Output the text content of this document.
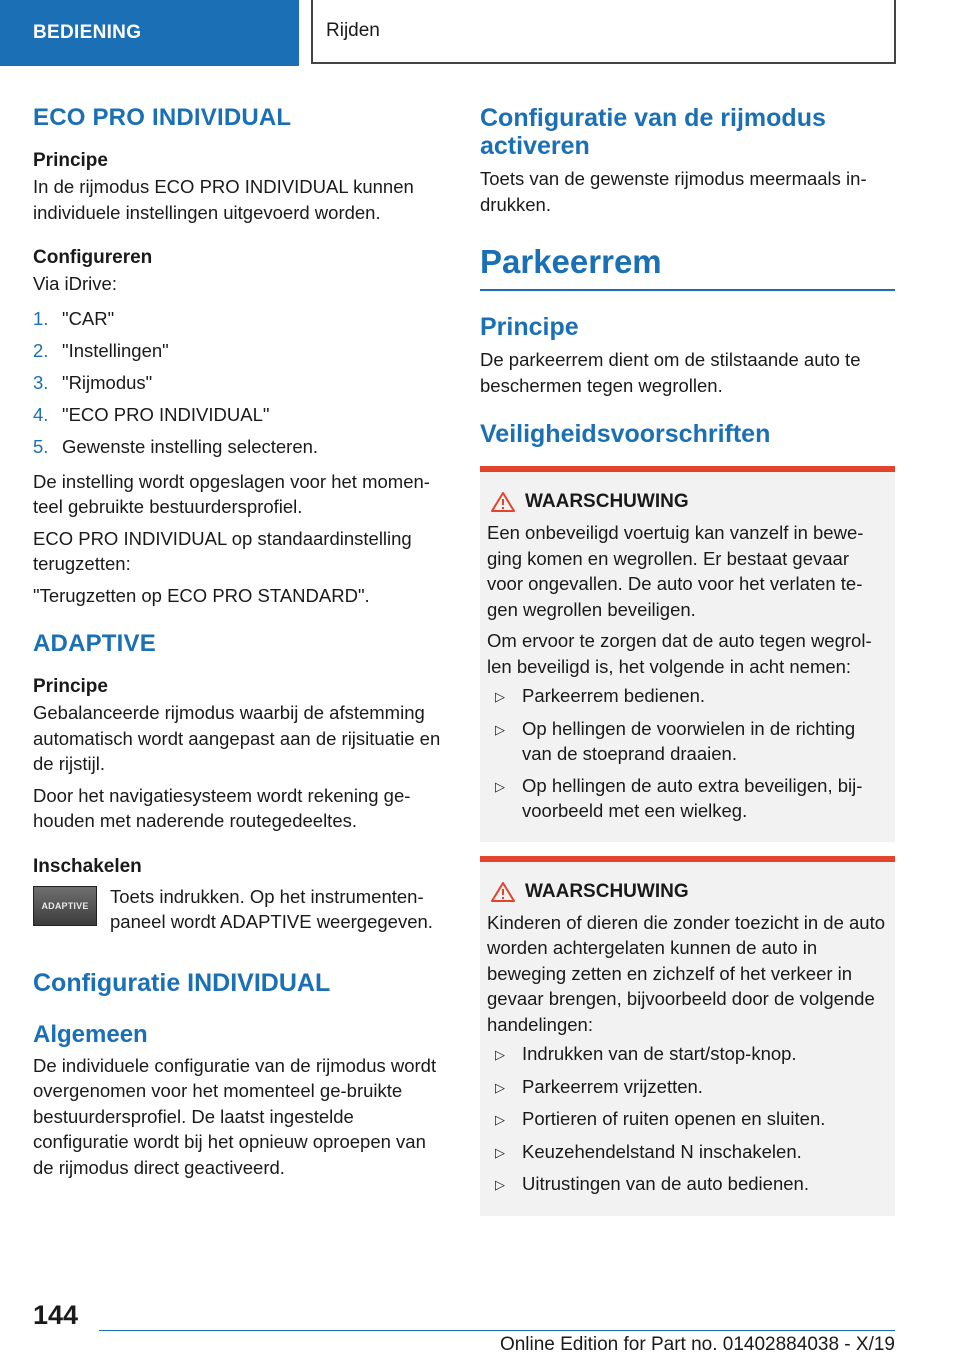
BEDIENING	Rijden
ECO PRO INDIVIDUAL
Principe

In de rijmodus ECO PRO INDIVIDUAL kunnen individuele instellingen uitgevoerd worden.

Configureren

Via iDrive:

1. "CAR"
2. "Instellingen"
3. "Rijmodus"
4. "ECO PRO INDIVIDUAL"
5. Gewenste instelling selecteren.

De instelling wordt opgeslagen voor het momen-teel gebruikte bestuurdersprofiel.

ECO PRO INDIVIDUAL op standaardinstelling terugzetten:

"Terugzetten op ECO PRO STANDARD".

ADAPTIVE
Principe

Gebalanceerde rijmodus waarbij de afstemming automatisch wordt aangepast aan de rijsituatie en de rijstijl.

Door het navigatiesysteem wordt rekening ge-houden met naderende routegedeeltes.

Inschakelen
ADAPTIVE	Toets indrukken. Op het instrumenten-paneel wordt ADAPTIVE weergegeven.

Configuratie INDIVIDUAL
Algemeen

De individuele configuratie van de rijmodus wordt overgenomen voor het momenteel ge-bruikte bestuurdersprofiel. De laatst ingestelde configuratie wordt bij het opnieuw oproepen van de rijmodus direct geactiveerd.

Configuratie van de rijmodus activeren

Toets van de gewenste rijmodus meermaals in-drukken.

Parkeerrem
Principe

De parkeerrem dient om de stilstaande auto te beschermen tegen wegrollen.

Veiligheidsvoorschriften
WAARSCHUWING

Een onbeveiligd voertuig kan vanzelf in bewe-ging komen en wegrollen. Er bestaat gevaar voor ongevallen. De auto voor het verlaten te-gen wegrollen beveiligen.

Om ervoor te zorgen dat de auto tegen wegrol-len beveiligd is, het volgende in acht nemen:

▷ Parkeerrem bedienen.
▷ Op hellingen de voorwielen in de richting van de stoeprand draaien.
▷ Op hellingen de auto extra beveiligen, bij-voorbeeld met een wielkeg.
WAARSCHUWING

Kinderen of dieren die zonder toezicht in de auto worden achtergelaten kunnen de auto in beweging zetten en zichzelf of het verkeer in gevaar brengen, bijvoorbeeld door de volgende handelingen:

▷ Indrukken van de start/stop-knop.
▷ Parkeerrem vrijzetten.
▷ Portieren of ruiten openen en sluiten.
▷ Keuzehendelstand N inschakelen.
▷ Uitrustingen van de auto bedienen.
144
Online Edition for Part no. 01402884038 - X/19
